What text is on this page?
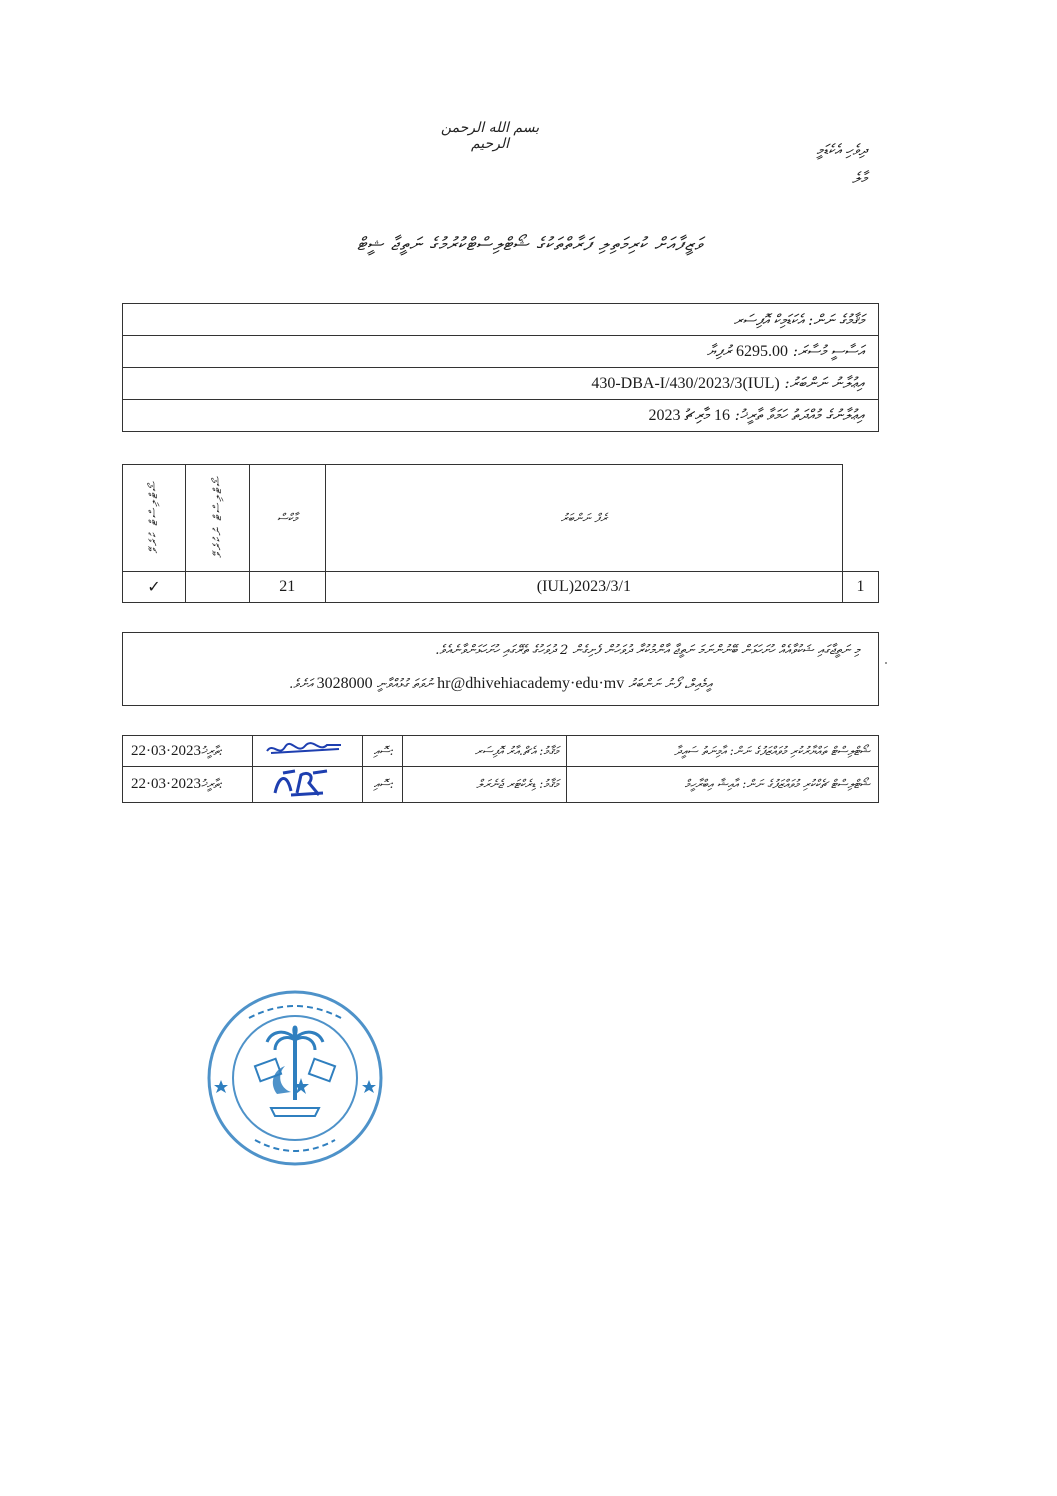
بسم الله الرحمن الرحيم	ދިވެހި އެކެޑަމީ
މާލެ
ވަޒީފާއަށް ކުރިމަތިލި ފަރާތްތަކުގެ ޝޯޓްލިސްޓްކުރުމުގެ ނަތީޖާ ޝީޓް
މަޤާމުގެ ނަން: އެކަޑަމިކް އޮފިސަރ
އަސާސީ މުސާރަ: 6295.00 ރުފިޔާ
އިޢުލާނު ނަންބަރު: (IUL)430-DBA-I/430/2023/3
އިޢުލާނުގެ މުއްދަތު ހަމަވާ ތާރީޚު: 16 މާރިޗު 2023
ޝޯޓްލިސްޓް ކުރެވޭ	ޝޯޓްލިސްޓް ނުކުރެވޭ	މާކްސް	ރެފް ނަންބަރު	
✓		21	(IUL)2023/3/1	1
މި ނަތީޖާގައި ޝަކުވާއެއް ހުށަހަޅަން ބޭނުންނަމަ ނަތީޖާ އާންމުކުރާ ދުވަހުން ފެށިގެން 2 ދުވަހުގެ ތެރޭގައި ހުށަހަޅަންވާނެއެވެ.
އީމެއިލް، ފޯނު ނަންބަރު hr@dhivehiacademy·edu·mv ނުވަތަ ގުޅުއްވާނީ 3028000 އަށެވެ.
22·03·2023ތާރީޚު:		ސޮއި:	މަޤާމު: އެޗް.އާރު އޮފިސަރ	ޝޯޓްލިސްޓް ތައްޔާރުކުރި މުވައްޒަފުގެ ނަން: އާމިނަތު ސައީދާ
22·03·2023ތާރީޚު:		ސޮއި:	މަޤާމު: ޑިރެކްޓަރ ޖެނެރަލް	ޝޯޓްލިސްޓް ޗެކްކުރި މުވައްޒަފުގެ ނަން: އާއިޝާ އިބްރާހީމް
